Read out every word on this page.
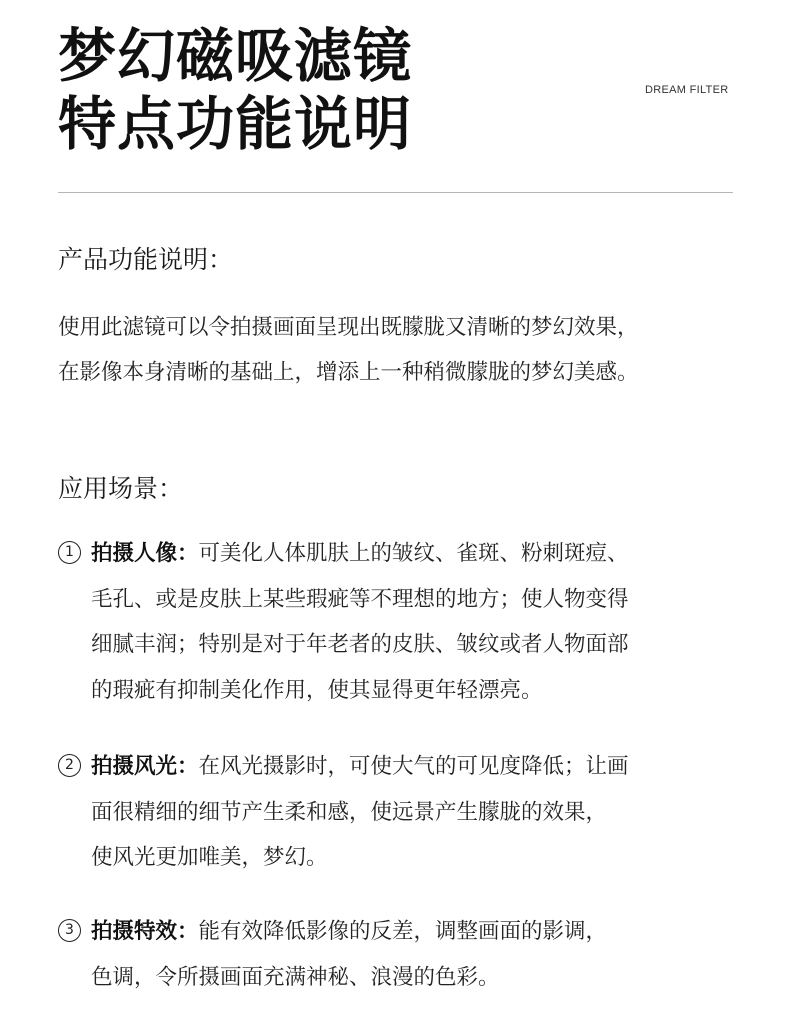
梦幻磁吸滤镜
特点功能说明	DREAM FILTER
产品功能说明：
使用此滤镜可以令拍摄画面呈现出既朦胧又清晰的梦幻效果，
在影像本身清晰的基础上，增添上一种稍微朦胧的梦幻美感。
应用场景：
1 拍摄人像：可美化人体肌肤上的皱纹、雀斑、粉刺斑痘、
毛孔、或是皮肤上某些瑕疵等不理想的地方；使人物变得
细腻丰润；特别是对于年老者的皮肤、皱纹或者人物面部
的瑕疵有抑制美化作用，使其显得更年轻漂亮。
2 拍摄风光：在风光摄影时，可使大气的可见度降低；让画
面很精细的细节产生柔和感，使远景产生朦胧的效果，
使风光更加唯美，梦幻。
3 拍摄特效：能有效降低影像的反差，调整画面的影调，
色调，令所摄画面充满神秘、浪漫的色彩。
